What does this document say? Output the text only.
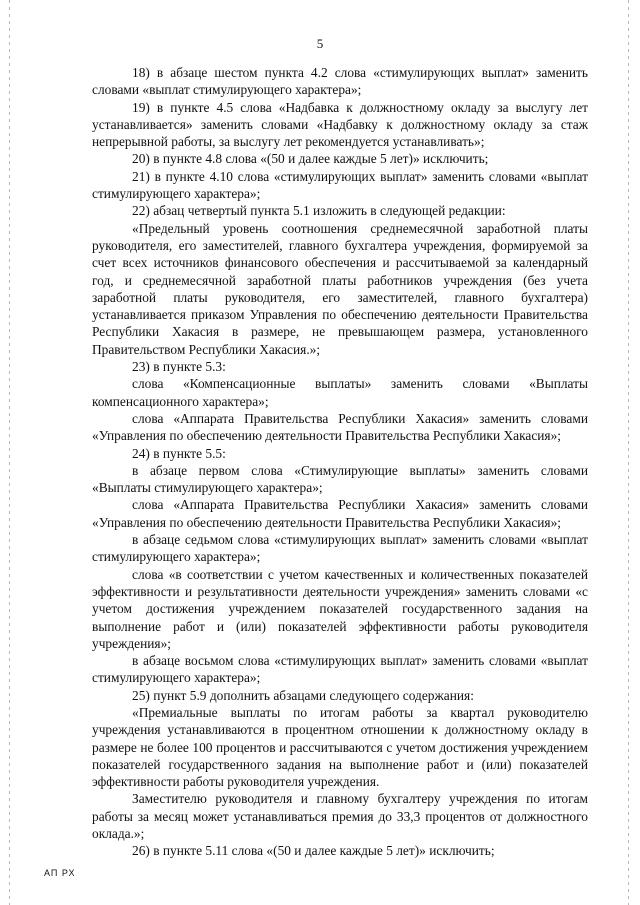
5

18) в абзаце шестом пункта 4.2 слова «стимулирующих выплат» заменить словами «выплат стимулирующего характера»;

19) в пункте 4.5 слова «Надбавка к должностному окладу за выслугу лет устанавливается» заменить словами «Надбавку к должностному окладу за стаж непрерывной работы, за выслугу лет рекомендуется устанавливать»;

20) в пункте 4.8 слова «(50 и далее каждые 5 лет)» исключить;

21) в пункте 4.10 слова «стимулирующих выплат» заменить словами «выплат стимулирующего характера»;

22) абзац четвертый пункта 5.1 изложить в следующей редакции:

«Предельный уровень соотношения среднемесячной заработной платы руководителя, его заместителей, главного бухгалтера учреждения, формируемой за счет всех источников финансового обеспечения и рассчитываемой за календарный год, и среднемесячной заработной платы работников учреждения (без учета заработной платы руководителя, его заместителей, главного бухгалтера) устанавливается приказом Управления по обеспечению деятельности Правительства Республики Хакасия в размере, не превышающем размера, установленного Правительством Республики Хакасия.»;

23) в пункте 5.3:

слова «Компенсационные выплаты» заменить словами «Выплаты компенсационного характера»;

слова «Аппарата Правительства Республики Хакасия» заменить словами «Управления по обеспечению деятельности Правительства Республики Хакасия»;

24) в пункте 5.5:

в абзаце первом слова «Стимулирующие выплаты» заменить словами «Выплаты стимулирующего характера»;

слова «Аппарата Правительства Республики Хакасия» заменить словами «Управления по обеспечению деятельности Правительства Республики Хакасия»;

в абзаце седьмом слова «стимулирующих выплат» заменить словами «выплат стимулирующего характера»;

слова «в соответствии с учетом качественных и количественных показателей эффективности и результативности деятельности учреждения» заменить словами «с учетом достижения учреждением показателей государственного задания на выполнение работ и (или) показателей эффективности работы руководителя учреждения»;

в абзаце восьмом слова «стимулирующих выплат» заменить словами «выплат стимулирующего характера»;

25) пункт 5.9 дополнить абзацами следующего содержания:

«Премиальные выплаты по итогам работы за квартал руководителю учреждения устанавливаются в процентном отношении к должностному окладу в размере не более 100 процентов и рассчитываются с учетом достижения учреждением показателей государственного задания на выполнение работ и (или) показателей эффективности работы руководителя учреждения.

Заместителю руководителя и главному бухгалтеру учреждения по итогам работы за месяц может устанавливаться премия до 33,3 процентов от должностного оклада.»;

26) в пункте 5.11 слова «(50 и далее каждые 5 лет)» исключить;

АП РХ
